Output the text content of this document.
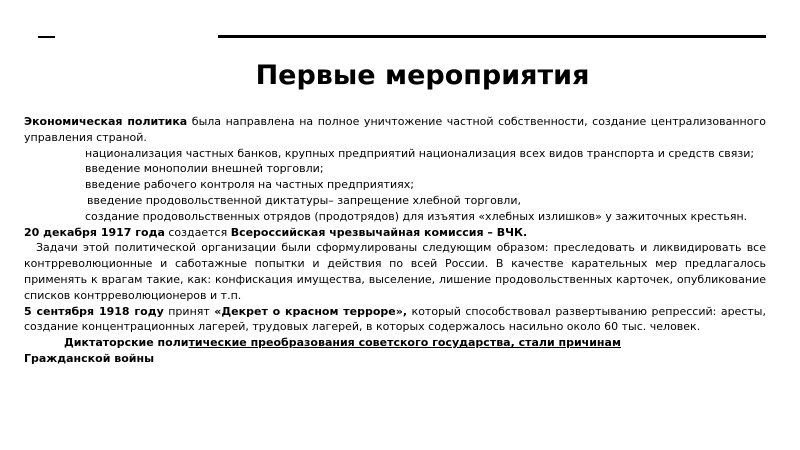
Первые мероприятия

Экономическая политика была направлена на полное уничтожение частной собственности, создание централизованного управления страной.

национализация частных банков, крупных предприятий национализация всех видов транспорта и средств связи;

введение монополии внешней торговли;

введение рабочего контроля на частных предприятиях;

введение продовольственной диктатуры– запрещение хлебной торговли,

создание продовольственных отрядов (продотрядов) для изъятия «хлебных излишков» у зажиточных крестьян.

20 декабря 1917 года создается Всероссийская чрезвычайная комиссия – ВЧК.

Задачи этой политической организации были сформулированы следующим образом: преследовать и ликвидировать все контрреволюционные и саботажные попытки и действия по всей России. В качестве карательных мер предлагалось применять к врагам такие, как: конфискация имущества, выселение, лишение продовольственных карточек, опубликование списков контрреволюционеров и т.п.

5 сентября 1918 году принят «Декрет о красном терроре», который способствовал развертыванию репрессий: аресты, создание концентрационных лагерей, трудовых лагерей, в которых содержалось насильно около 60 тыс. человек.

Диктаторские политические преобразования советского государства, стали причинам
Гражданской войны
